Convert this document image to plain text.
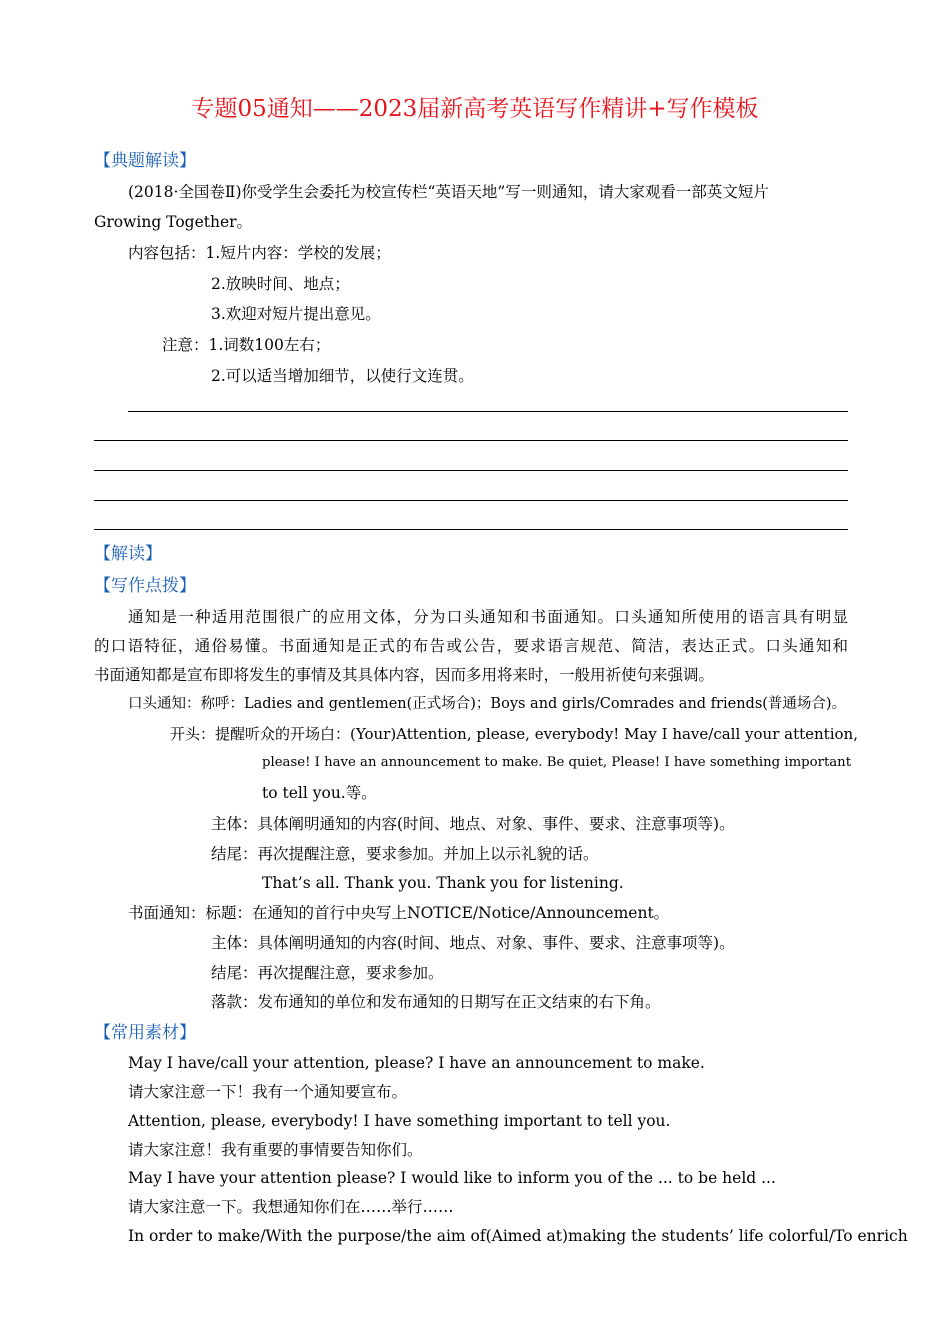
专题05通知——2023届新高考英语写作精讲+写作模板
【典题解读】
(2018·全国卷Ⅱ)你受学生会委托为校宣传栏“英语天地”写一则通知，请大家观看一部英文短片
Growing Together。
内容包括：1.短片内容：学校的发展；
2.放映时间、地点；
3.欢迎对短片提出意见。
注意：1.词数100左右；
2.可以适当增加细节，以使行文连贯。
【解读】
【写作点拨】
通知是一种适用范围很广的应用文体，分为口头通知和书面通知。口头通知所使用的语言具有明显
的口语特征，通俗易懂。书面通知是正式的布告或公告，要求语言规范、简洁，表达正式。口头通知和
书面通知都是宣布即将发生的事情及其具体内容，因而多用将来时，一般用祈使句来强调。
口头通知：称呼：Ladies and gentlemen(正式场合)；Boys and girls/Comrades and friends(普通场合)。
开头：提醒听众的开场白：(Your)Attention, please, everybody! May I have/call your attention,
please! I have an announcement to make. Be quiet, Please! I have something important
to tell you.等。
主体：具体阐明通知的内容(时间、地点、对象、事件、要求、注意事项等)。
结尾：再次提醒注意，要求参加。并加上以示礼貌的话。
That’s all. Thank you. Thank you for listening.
书面通知：标题：在通知的首行中央写上NOTICE/Notice/Announcement。
主体：具体阐明通知的内容(时间、地点、对象、事件、要求、注意事项等)。
结尾：再次提醒注意，要求参加。
落款：发布通知的单位和发布通知的日期写在正文结束的右下角。
【常用素材】
May I have/call your attention, please? I have an announcement to make.
请大家注意一下！我有一个通知要宣布。
Attention, please, everybody! I have something important to tell you.
请大家注意！我有重要的事情要告知你们。
May I have your attention please? I would like to inform you of the ... to be held ...
请大家注意一下。我想通知你们在……举行……
In order to make/With the purpose/the aim of(Aimed at)making the students’ life colorful/To enrich
